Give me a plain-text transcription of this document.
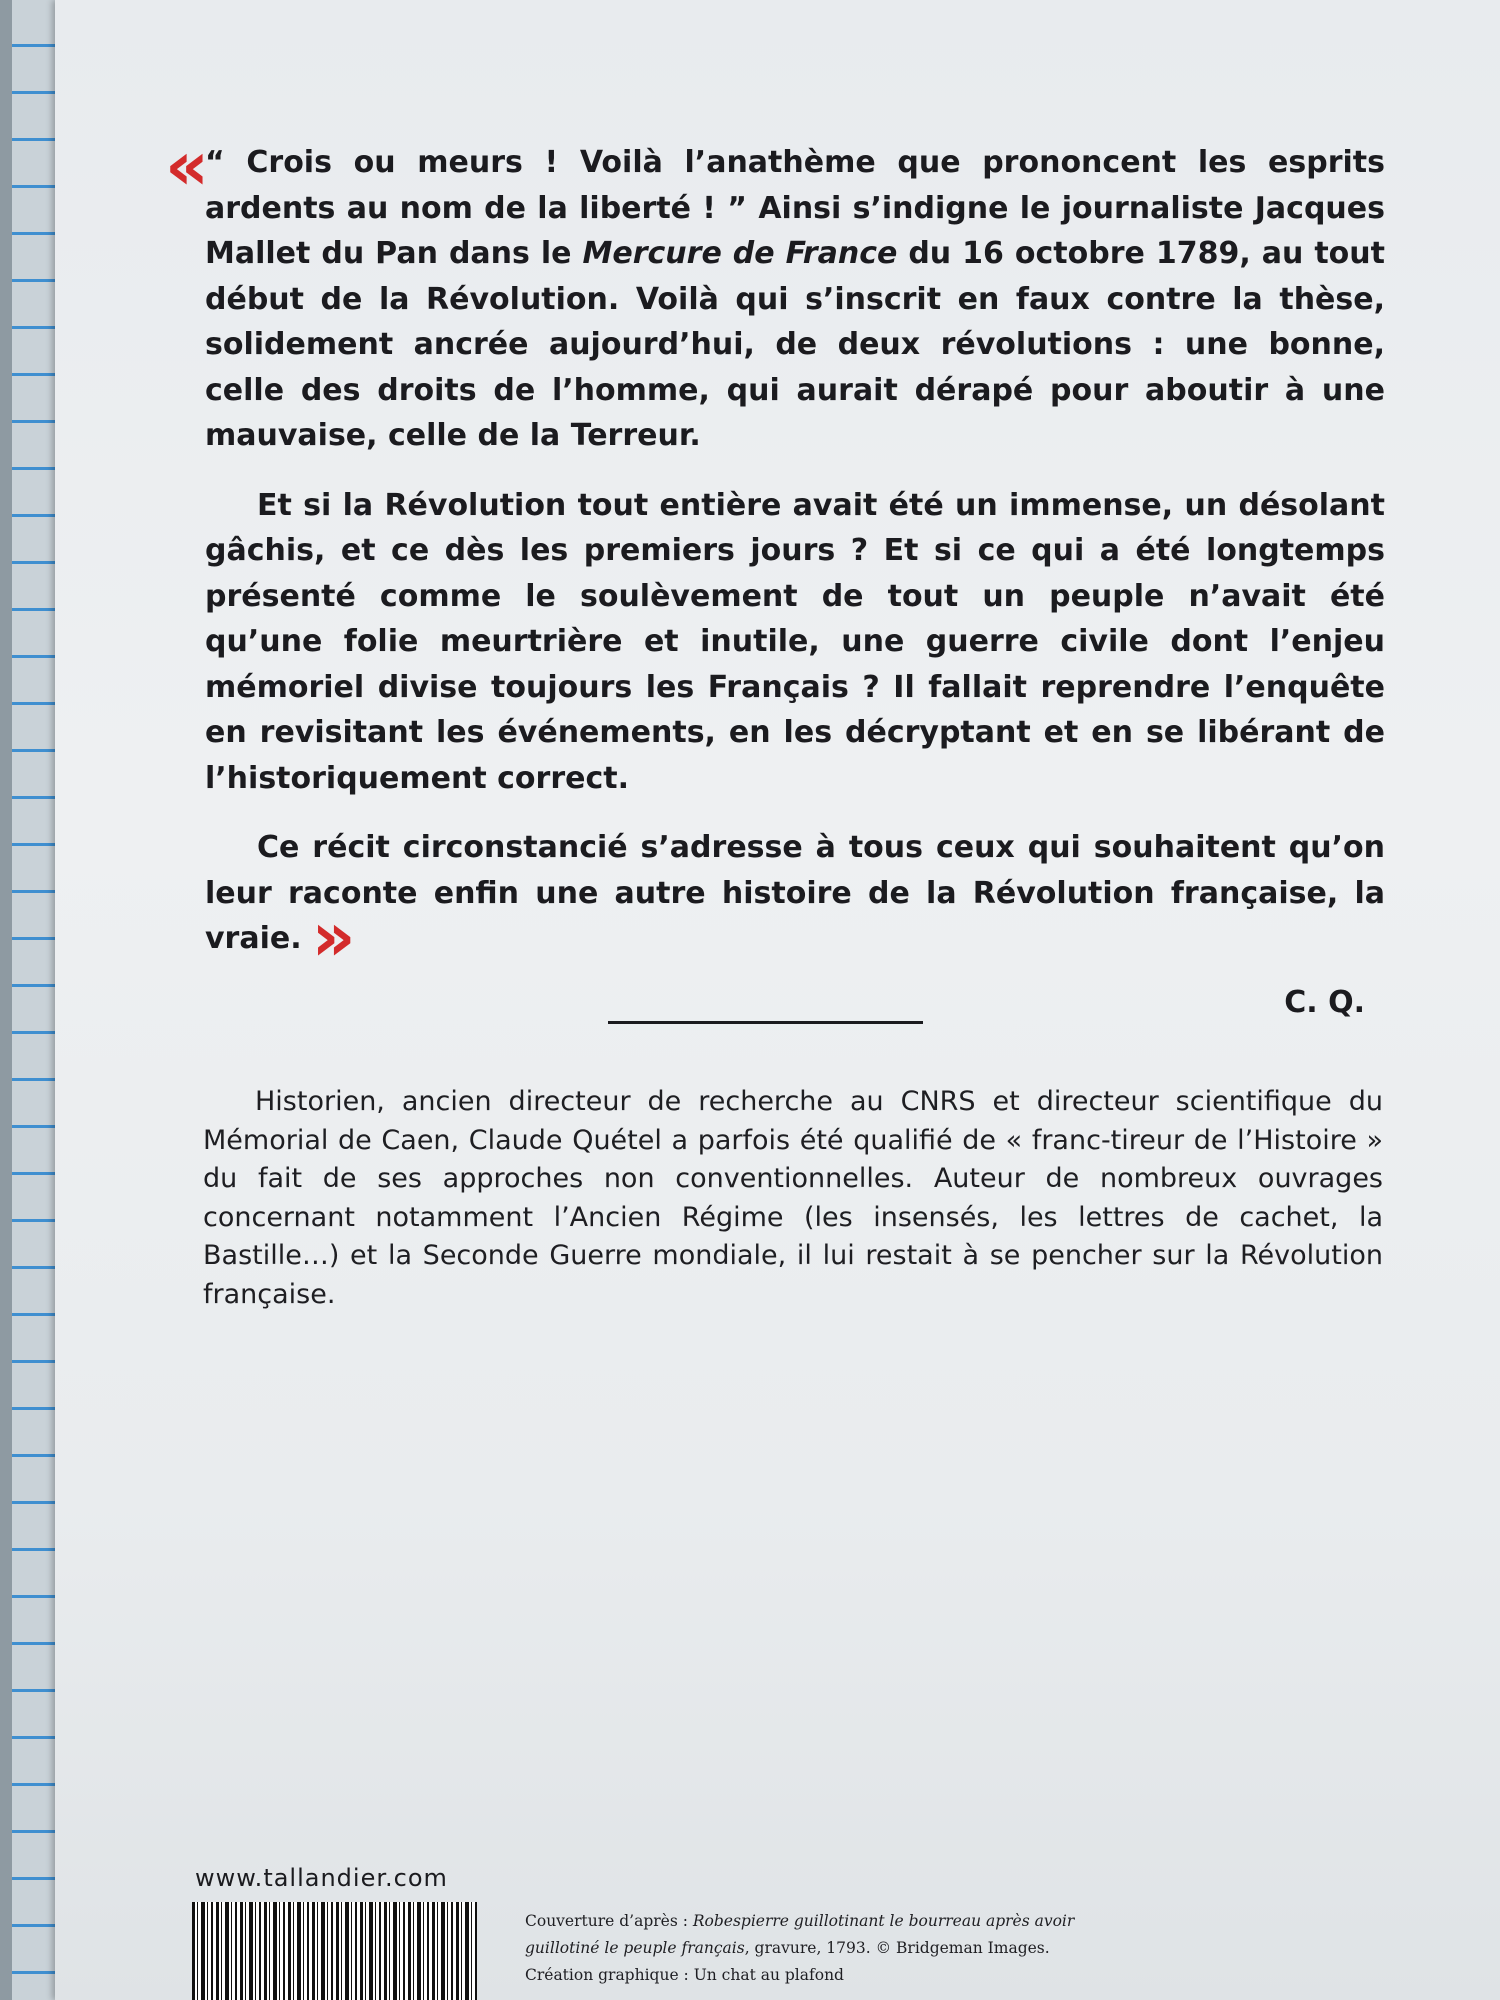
«
“ Crois ou meurs ! Voilà l’anathème que prononcent les esprits ardents au nom de la liberté ! ” Ainsi s’indigne le journaliste Jacques Mallet du Pan dans le Mercure de France du 16 octobre 1789, au tout début de la Révolution. Voilà qui s’inscrit en faux contre la thèse, solidement ancrée aujourd’hui, de deux révolutions : une bonne, celle des droits de l’homme, qui aurait dérapé pour aboutir à une mauvaise, celle de la Terreur.

Et si la Révolution tout entière avait été un immense, un désolant gâchis, et ce dès les premiers jours ? Et si ce qui a été longtemps présenté comme le soulèvement de tout un peuple n’avait été qu’une folie meurtrière et inutile, une guerre civile dont l’enjeu mémoriel divise toujours les Français ? Il fallait reprendre l’enquête en revisitant les événements, en les décryptant et en se libérant de l’historiquement correct.

Ce récit circonstancié s’adresse à tous ceux qui souhaitent qu’on leur raconte enfin une autre histoire de la Révolution française, la vraie. »

C. Q.

Historien, ancien directeur de recherche au CNRS et directeur scientifique du Mémorial de Caen, Claude Quétel a parfois été qualifié de « franc-tireur de l’Histoire » du fait de ses approches non conventionnelles. Auteur de nombreux ouvrages concernant notamment l’Ancien Régime (les insensés, les lettres de cachet, la Bastille…) et la Seconde Guerre mondiale, il lui restait à se pencher sur la Révolution française.

www.tallandier.com
Couverture d’après : Robespierre guillotinant le bourreau après avoir
guillotiné le peuple français, gravure, 1793. © Bridgeman Images.
Création graphique : Un chat au plafond
